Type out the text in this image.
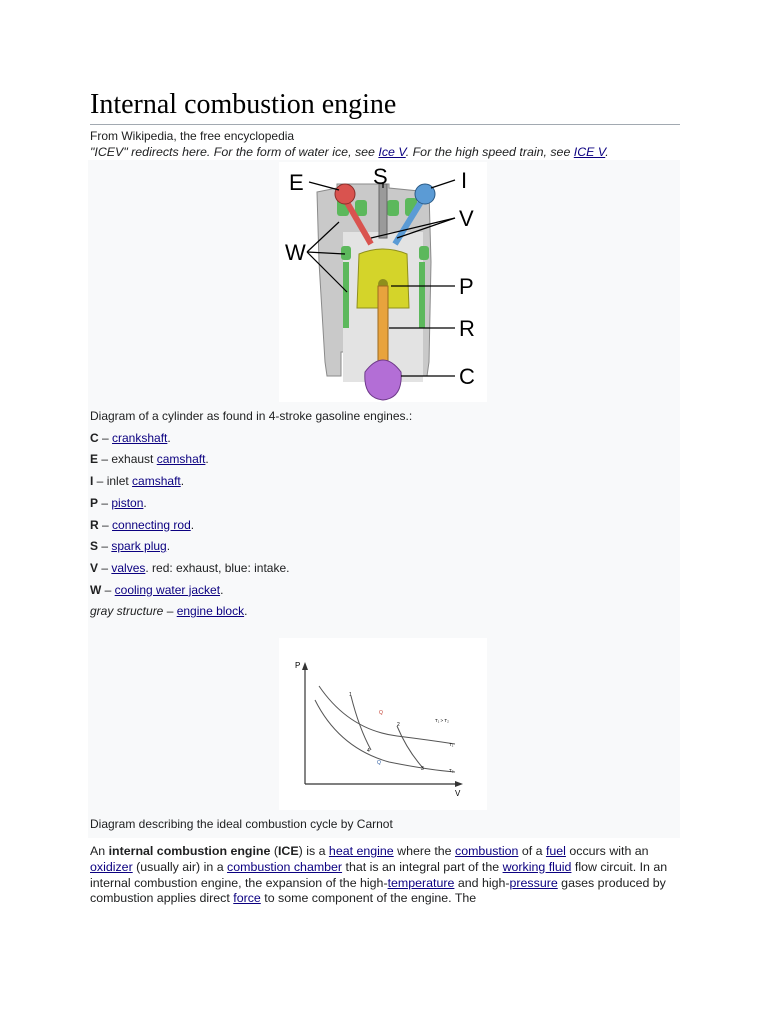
Internal combustion engine
From Wikipedia, the free encyclopedia
"ICEV" redirects here. For the form of water ice, see Ice V. For the high speed train, see ICE V.
E	S	I
V
W
P
R
C
Diagram of a cylinder as found in 4-stroke gasoline engines.:
C – crankshaft.
E – exhaust camshaft.
I – inlet camshaft.
P – piston.
R – connecting rod.
S – spark plug.
V – valves. red: exhaust, blue: intake.
W – cooling water jacket.
gray structure – engine block.
P
V
1
2
3
4
Q
Q
T₁ > T₂
T₁
T₂
Diagram describing the ideal combustion cycle by Carnot
An internal combustion engine (ICE) is a heat engine where the combustion of a fuel occurs with an oxidizer (usually air) in a combustion chamber that is an integral part of the working fluid flow circuit. In an internal combustion engine, the expansion of the high-temperature and high-pressure gases produced by combustion applies direct force to some component of the engine. The
